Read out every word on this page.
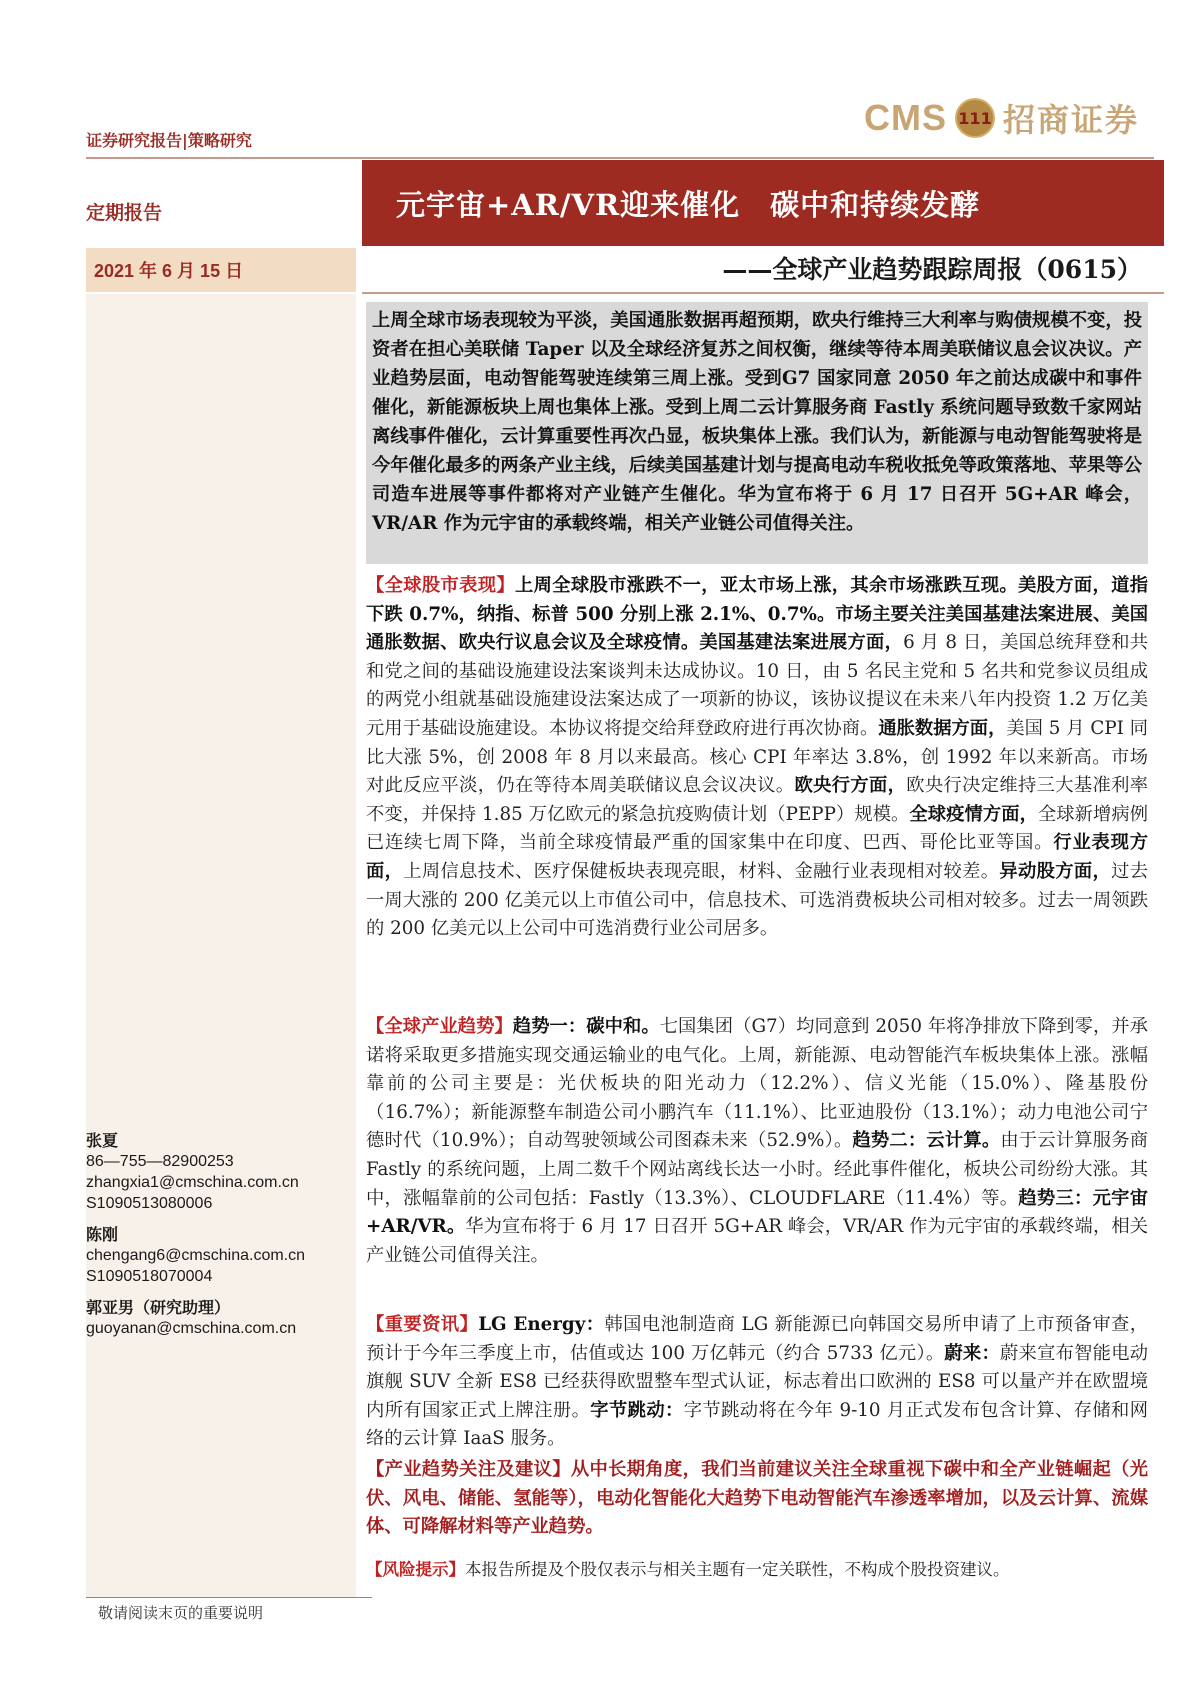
CMS 111 招商证券
证券研究报告|策略研究
定期报告	元宇宙+AR/VR迎来催化　碳中和持续发酵
2021 年 6 月 15 日	——全球产业趋势跟踪周报（0615）

上周全球市场表现较为平淡，美国通胀数据再超预期，欧央行维持三大利率与购债规模不变，投资者在担心美联储 Taper 以及全球经济复苏之间权衡，继续等待本周美联储议息会议决议。产业趋势层面，电动智能驾驶连续第三周上涨。受到G7 国家同意 2050 年之前达成碳中和事件催化，新能源板块上周也集体上涨。受到上周二云计算服务商 Fastly 系统问题导致数千家网站离线事件催化，云计算重要性再次凸显，板块集体上涨。我们认为，新能源与电动智能驾驶将是今年催化最多的两条产业主线，后续美国基建计划与提高电动车税收抵免等政策落地、苹果等公司造车进展等事件都将对产业链产生催化。华为宣布将于 6 月 17 日召开 5G+AR 峰会，VR/AR 作为元宇宙的承载终端，相关产业链公司值得关注。

【全球股市表现】上周全球股市涨跌不一，亚太市场上涨，其余市场涨跌互现。美股方面，道指下跌 0.7%，纳指、标普 500 分别上涨 2.1%、0.7%。市场主要关注美国基建法案进展、美国通胀数据、欧央行议息会议及全球疫情。美国基建法案进展方面，6 月 8 日，美国总统拜登和共和党之间的基础设施建设法案谈判未达成协议。10 日，由 5 名民主党和 5 名共和党参议员组成的两党小组就基础设施建设法案达成了一项新的协议，该协议提议在未来八年内投资 1.2 万亿美元用于基础设施建设。本协议将提交给拜登政府进行再次协商。通胀数据方面，美国 5 月 CPI 同比大涨 5%，创 2008 年 8 月以来最高。核心 CPI 年率达 3.8%，创 1992 年以来新高。市场对此反应平淡，仍在等待本周美联储议息会议决议。欧央行方面，欧央行决定维持三大基准利率不变，并保持 1.85 万亿欧元的紧急抗疫购债计划（PEPP）规模。全球疫情方面，全球新增病例已连续七周下降，当前全球疫情最严重的国家集中在印度、巴西、哥伦比亚等国。行业表现方面，上周信息技术、医疗保健板块表现亮眼，材料、金融行业表现相对较差。异动股方面，过去一周大涨的 200 亿美元以上市值公司中，信息技术、可选消费板块公司相对较多。过去一周领跌的 200 亿美元以上公司中可选消费行业公司居多。

【全球产业趋势】趋势一：碳中和。七国集团（G7）均同意到 2050 年将净排放下降到零，并承诺将采取更多措施实现交通运输业的电气化。上周，新能源、电动智能汽车板块集体上涨。涨幅靠前的公司主要是：光伏板块的阳光动力（12.2%）、信义光能（15.0%）、隆基股份（16.7%）；新能源整车制造公司小鹏汽车（11.1%）、比亚迪股份（13.1%）；动力电池公司宁德时代（10.9%）；自动驾驶领域公司图森未来（52.9%）。趋势二：云计算。由于云计算服务商 Fastly 的系统问题，上周二数千个网站离线长达一小时。经此事件催化，板块公司纷纷大涨。其中，涨幅靠前的公司包括：Fastly（13.3%）、CLOUDFLARE（11.4%）等。趋势三：元宇宙+AR/VR。华为宣布将于 6 月 17 日召开 5G+AR 峰会，VR/AR 作为元宇宙的承载终端，相关产业链公司值得关注。

【重要资讯】LG Energy：韩国电池制造商 LG 新能源已向韩国交易所申请了上市预备审查，预计于今年三季度上市，估值或达 100 万亿韩元（约合 5733 亿元）。蔚来：蔚来宣布智能电动旗舰 SUV 全新 ES8 已经获得欧盟整车型式认证，标志着出口欧洲的 ES8 可以量产并在欧盟境内所有国家正式上牌注册。字节跳动：字节跳动将在今年 9-10 月正式发布包含计算、存储和网络的云计算 IaaS 服务。

【产业趋势关注及建议】从中长期角度，我们当前建议关注全球重视下碳中和全产业链崛起（光伏、风电、储能、氢能等），电动化智能化大趋势下电动智能汽车渗透率增加，以及云计算、流媒体、可降解材料等产业趋势。

【风险提示】本报告所提及个股仅表示与相关主题有一定关联性，不构成个股投资建议。

张夏
86—755—82900253
zhangxia1@cmschina.com.cn
S1090513080006
陈刚
chengang6@cmschina.com.cn
S1090518070004
郭亚男（研究助理）
guoyanan@cmschina.com.cn
敬请阅读末页的重要说明
